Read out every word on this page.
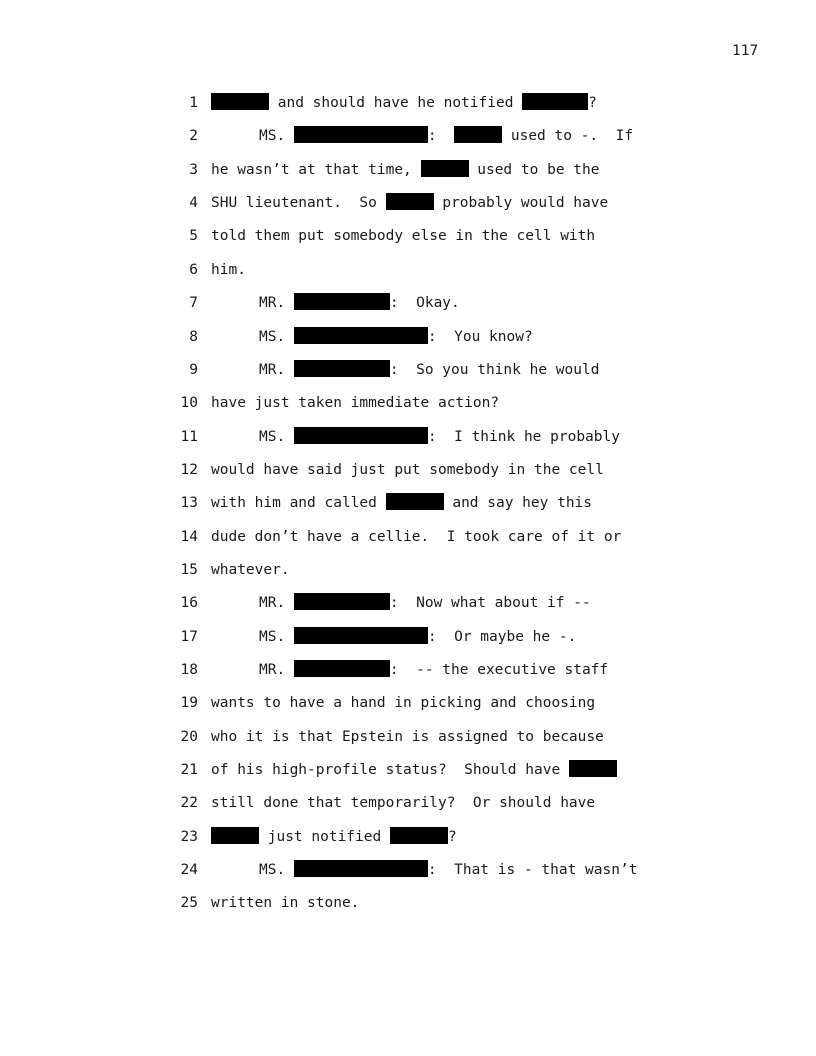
117
1	and should have he notified	?
2	MS.	:	used to -.  If
3 he wasn’t at that time,	used to be the
4 SHU lieutenant.  So	probably would have
5 told them put somebody else in the cell with
6 him.
7	MR.	:  Okay.
8	MS.	:  You know?
9	MR.	:  So you think he would
10 have just taken immediate action?
11	MS.	:  I think he probably
12 would have said just put somebody in the cell
13 with him and called	and say hey this
14 dude don’t have a cellie.  I took care of it or
15 whatever.
16	MR.	:  Now what about if --
17	MS.	:  Or maybe he -.
18	MR.	:  -- the executive staff
19 wants to have a hand in picking and choosing
20 who it is that Epstein is assigned to because
21 of his high-profile status?  Should have
22 still done that temporarily?  Or should have
23	just notified	?
24	MS.	:  That is - that wasn’t
25 written in stone.
